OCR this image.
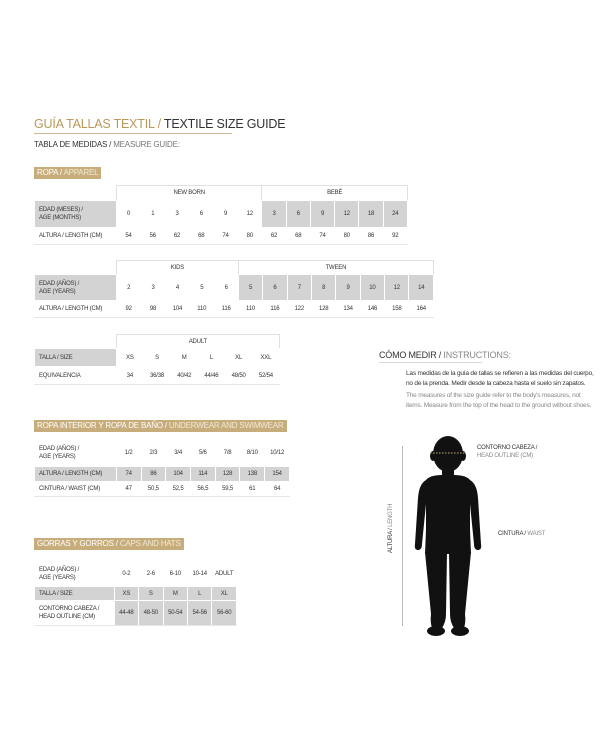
GUÍA TALLAS TEXTIL / TEXTILE SIZE GUIDE
TABLA DE MEDIDAS / MEASURE GUIDE:
ROPA / APPAREL
	NEW BORN						BEBÉ					
EDAD (MESES) /
AGE (MONTHS)	0	1	3	6	9	12	3	6	9	12	18	24
ALTURA / LENGTH (CM)	54	56	62	68	74	80	62	68	74	80	86	92
	KIDS					TWEEN							
EDAD (AÑOS) /
AGE (YEARS)	2	3	4	5	6	5	6	7	8	9	10	12	14
ALTURA / LENGTH (CM)	92	98	104	110	116	110	116	122	128	134	146	158	164
	ADULT					
TALLA / SIZE	XS	S	M	L	XL	XXL
EQUIVALENCIA	34	36/38	40/42	44/46	48/50	52/54
ROPA INTERIOR Y ROPA DE BAÑO / UNDERWEAR AND SWIMWEAR
EDAD (AÑOS) /
AGE (YEARS)	1/2	2/3	3/4	5/6	7/8	8/10	10/12
ALTURA / LENGTH (CM)	74	86	104	114	128	138	154
CINTURA / WAIST (CM)	47	50,5	52,5	56,5	59,5	61	64
GORRAS Y GORROS / CAPS AND HATS
EDAD (AÑOS) /
AGE (YEARS)	0-2	2-6	6-10	10-14	ADULT
TALLA / SIZE	XS	S	M	L	XL
CONTORNO CABEZA /
HEAD OUTLINE (CM)	44-48	48-50	50-54	54-56	56-60
CÓMO MEDIR / INSTRUCTIONS:
Las medidas de la guía de tallas se refieren a las medidas del cuerpo, no de la prenda. Medir desde la cabeza hasta el suelo sin zapatos.
The measures of the size guide refer to the body's measures, not items. Measure from the top of the head to the ground without shoes.
ALTURA / LENGTH
CONTORNO CABEZA /
HEAD OUTLINE (CM)
CINTURA / WAIST
